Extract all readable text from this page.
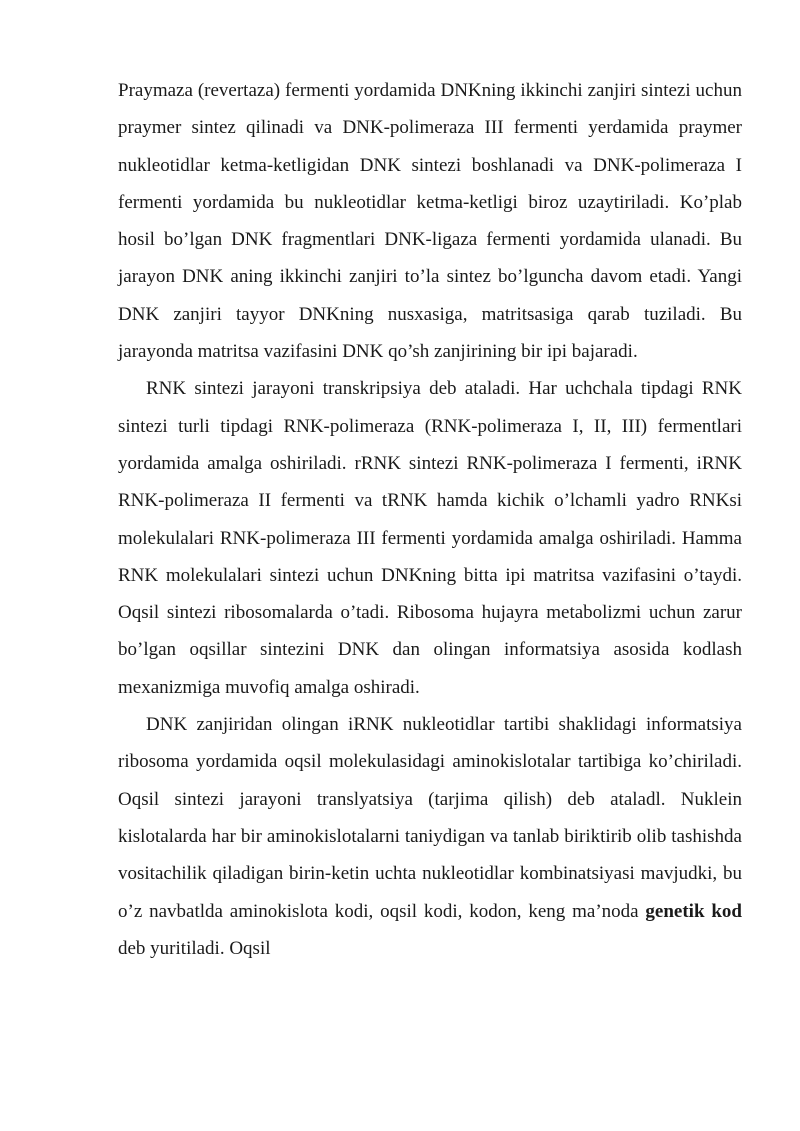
Praymaza (revertaza) fermenti yordamida DNKning ikkinchi zanjiri sintezi uchun praymer sintez qilinadi va DNK-polimeraza III fermenti yerdamida praymer nukleotidlar ketma-ketligidan DNK sintezi boshlanadi va DNK-polimeraza I fermenti yordamida bu nukleotidlar ketma-ketligi biroz uzaytiriladi. Ko’plab hosil bo’lgan DNK fragmentlari DNK-ligaza fermenti yordamida ulanadi. Bu jarayon DNK aning ikkinchi zanjiri to’la sintez bo’lguncha davom etadi. Yangi DNK zanjiri tayyor DNKning nusxasiga, matritsasiga qarab tuziladi. Bu jarayonda matritsa vazifasini DNK qo’sh zanjirining bir ipi bajaradi.

RNK sintezi jarayoni transkripsiya deb ataladi. Har uchchala tipdagi RNK sintezi turli tipdagi RNK-polimeraza (RNK-polimeraza I, II, III) fermentlari yordamida amalga oshiriladi. rRNK sintezi RNK-polimeraza I fermenti, iRNK RNK-polimeraza II fermenti va tRNK hamda kichik o’lchamli yadro RNKsi molekulalari RNK-polimeraza III fermenti yordamida amalga oshiriladi. Hamma RNK molekulalari sintezi uchun DNKning bitta ipi matritsa vazifasini o’taydi. Oqsil sintezi ribosomalarda o’tadi. Ribosoma hujayra metabolizmi uchun zarur bo’lgan oqsillar sintezini DNK dan olingan informatsiya asosida kodlash mexanizmiga muvofiq amalga oshiradi.

DNK zanjiridan olingan iRNK nukleotidlar tartibi shaklidagi informatsiya ribosoma yordamida oqsil molekulasidagi aminokislotalar tartibiga ko’chiriladi. Oqsil sintezi jarayoni translyatsiya (tarjima qilish) deb ataladl. Nuklein kislotalarda har bir aminokislotalarni taniydigan va tanlab biriktirib olib tashishda vositachilik qiladigan birin-ketin uchta nukleotidlar kombinatsiyasi mavjudki, bu o’z navbatlda aminokislota kodi, oqsil kodi, kodon, keng ma’noda genetik kod deb yuritiladi. Oqsil
